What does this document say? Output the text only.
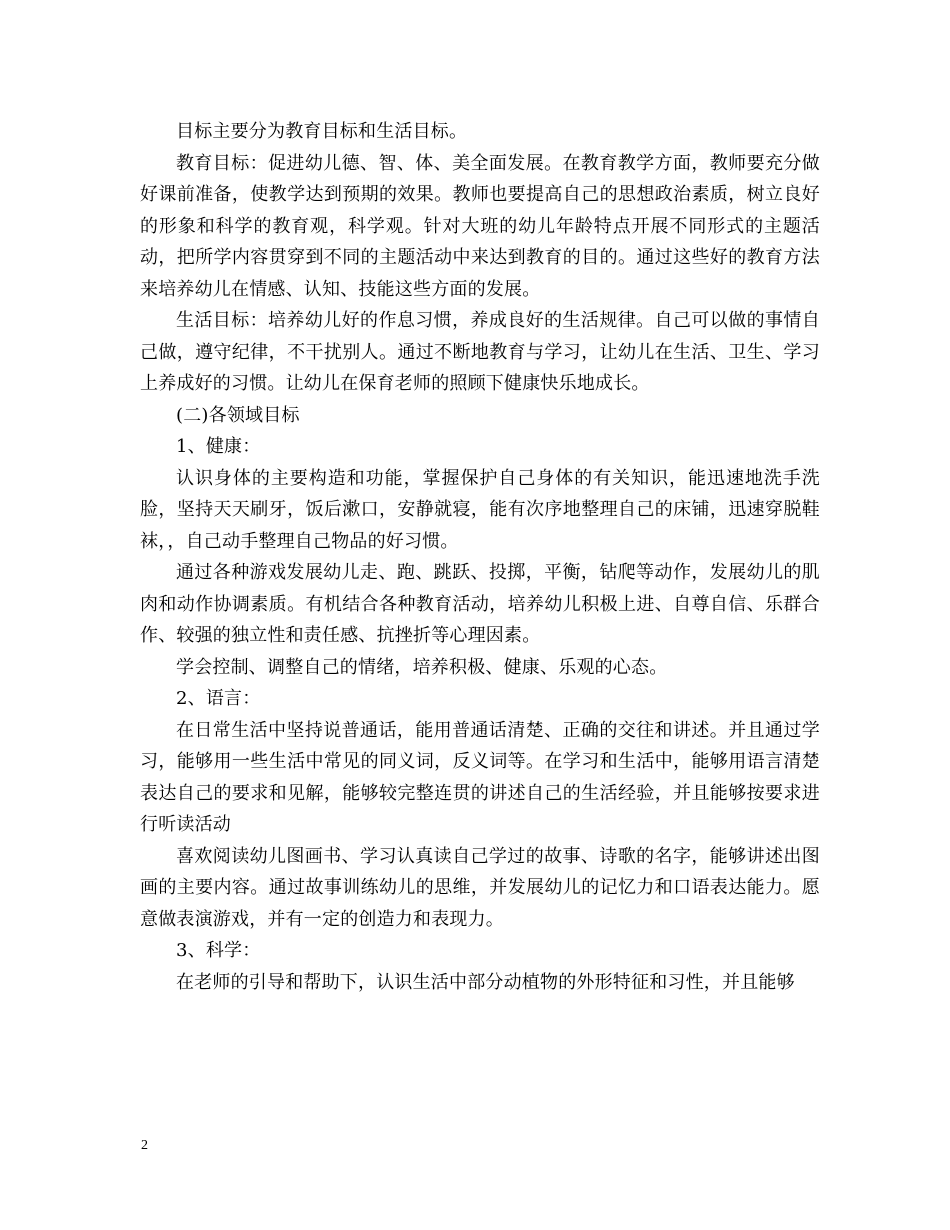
目标主要分为教育目标和生活目标。

教育目标：促进幼儿德、智、体、美全面发展。在教育教学方面，教师要充分做好课前准备，使教学达到预期的效果。教师也要提高自己的思想政治素质，树立良好的形象和科学的教育观，科学观。针对大班的幼儿年龄特点开展不同形式的主题活动，把所学内容贯穿到不同的主题活动中来达到教育的目的。通过这些好的教育方法来培养幼儿在情感、认知、技能这些方面的发展。

生活目标：培养幼儿好的作息习惯，养成良好的生活规律。自己可以做的事情自己做，遵守纪律，不干扰别人。通过不断地教育与学习，让幼儿在生活、卫生、学习上养成好的习惯。让幼儿在保育老师的照顾下健康快乐地成长。

(二)各领域目标

1、健康：

认识身体的主要构造和功能，掌握保护自己身体的有关知识，能迅速地洗手洗脸，坚持天天刷牙，饭后漱口，安静就寝，能有次序地整理自己的床铺，迅速穿脱鞋袜，，自己动手整理自己物品的好习惯。

通过各种游戏发展幼儿走、跑、跳跃、投掷，平衡，钻爬等动作，发展幼儿的肌肉和动作协调素质。有机结合各种教育活动，培养幼儿积极上进、自尊自信、乐群合作、较强的独立性和责任感、抗挫折等心理因素。

学会控制、调整自己的情绪，培养积极、健康、乐观的心态。

2、语言：

在日常生活中坚持说普通话，能用普通话清楚、正确的交往和讲述。并且通过学习，能够用一些生活中常见的同义词，反义词等。在学习和生活中，能够用语言清楚表达自己的要求和见解，能够较完整连贯的讲述自己的生活经验，并且能够按要求进行听读活动

喜欢阅读幼儿图画书、学习认真读自己学过的故事、诗歌的名字，能够讲述出图画的主要内容。通过故事训练幼儿的思维，并发展幼儿的记忆力和口语表达能力。愿意做表演游戏，并有一定的创造力和表现力。

3、科学：

在老师的引导和帮助下，认识生活中部分动植物的外形特征和习性，并且能够

2
